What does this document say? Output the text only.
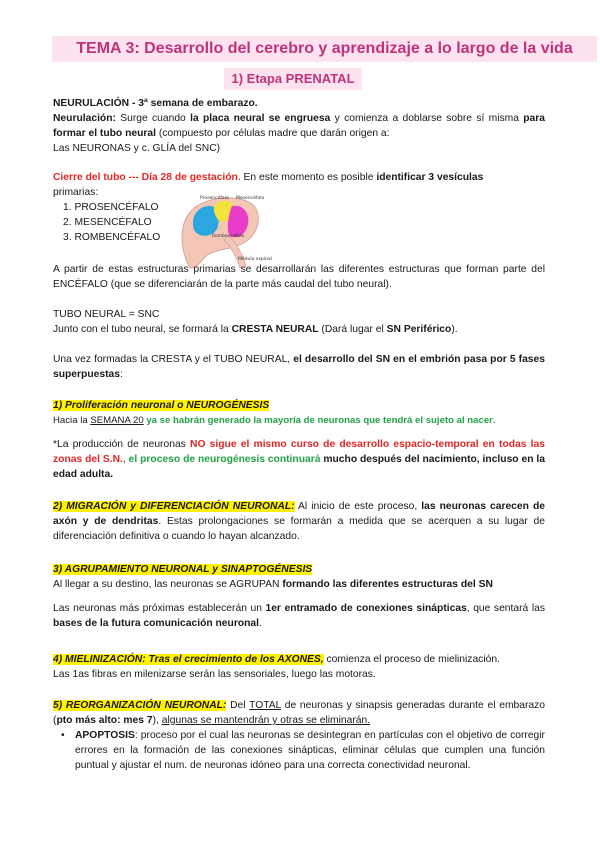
TEMA 3: Desarrollo del cerebro y aprendizaje a lo largo de la vida
1) Etapa PRENATAL
NEURULACIÓN - 3ª semana de embarazo.
Neurulación: Surge cuando la placa neural se engruesa y comienza a doblarse sobre sí misma para formar el tubo neural (compuesto por células madre que darán origen a:
Las NEURONAS y c. GLÍA del SNC)
Cierre del tubo --- Día 28 de gestación. En este momento es posible identificar 3 vesículas
primarias:
1. PROSENCÉFALO
2. MESENCÉFALO
3. ROMBENCÉFALO
Prosencéfalo Mesencéfalo
Rombencéfalo
Médula espinal
A partir de estas estructuras primarias se desarrollarán las diferentes estructuras que forman parte del ENCÉFALO (que se diferenciarán de la parte más caudal del tubo neural).
TUBO NEURAL = SNC
Junto con el tubo neural, se formará la CRESTA NEURAL (Dará lugar el SN Periférico).
Una vez formadas la CRESTA y el TUBO NEURAL, el desarrollo del SN en el embrión pasa por 5 fases superpuestas:
1) Proliferación neuronal o NEUROGÉNESIS
Hacia la SEMANA 20 ya se habrán generado la mayoría de neuronas que tendrá el sujeto al nacer.
*La producción de neuronas NO sigue el mismo curso de desarrollo espacio-temporal en todas las zonas del S.N., el proceso de neurogénesis continuará mucho después del nacimiento, incluso en la edad adulta.
2) MIGRACIÓN y DIFERENCIACIÓN NEURONAL: Al inicio de este proceso, las neuronas carecen de axón y de dendritas. Estas prolongaciones se formarán a medida que se acerquen a su lugar de diferenciación definitiva o cuando lo hayan alcanzado.
3) AGRUPAMIENTO NEURONAL y SINAPTOGÉNESIS
Al llegar a su destino, las neuronas se AGRUPAN formando las diferentes estructuras del SN
Las neuronas más próximas establecerán un 1er entramado de conexiones sinápticas, que sentará las bases de la futura comunicación neuronal.
4) MIELINIZACIÓN: Tras el crecimiento de los AXONES, comienza el proceso de mielinización.
Las 1as fibras en milenizarse serán las sensoriales, luego las motoras.
5) REORGANIZACIÓN NEURONAL: Del TOTAL de neuronas y sinapsis generadas durante el embarazo (pto más alto: mes 7), algunas se mantendrán y otras se eliminarán.
• APOPTOSIS: proceso por el cual las neuronas se desintegran en partículas con el objetivo de corregir errores en la formación de las conexiones sinápticas, eliminar células que cumplen una función puntual y ajustar el num. de neuronas idóneo para una correcta conectividad neuronal.
